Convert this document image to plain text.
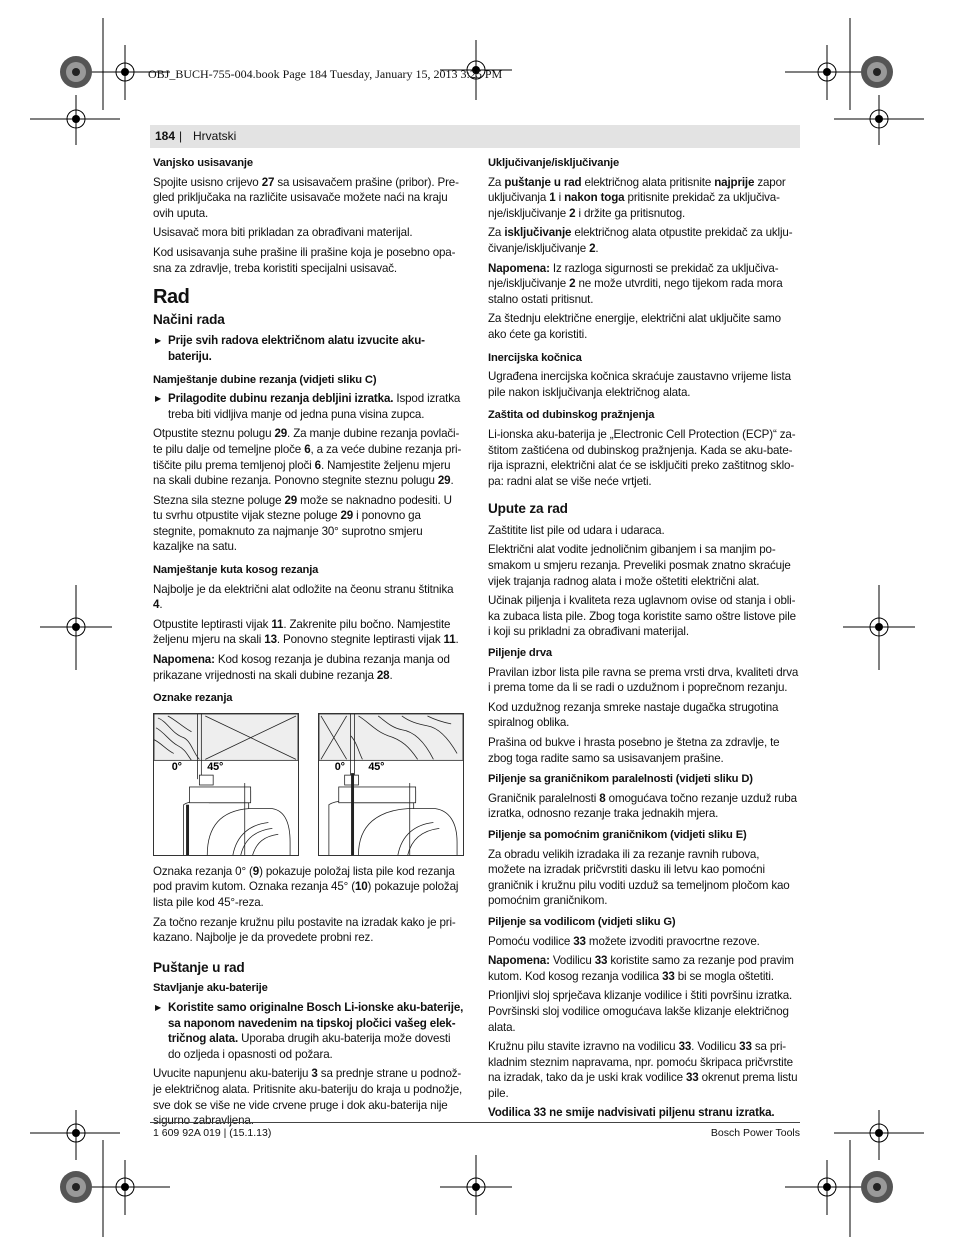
OBJ_BUCH-755-004.book Page 184 Tuesday, January 15, 2013 3:25 PM
184 | Hrvatski

Vanjsko usisavanje

Spojite usisno crijevo 27 sa usisavačem prašine (pribor). Pregled priključaka na različite usisavače možete naći na kraju ovih uputa.

Usisavač mora biti prikladan za obrađivani materijal.

Kod usisavanja suhe prašine ili prašine koja je posebno opasna za zdravlje, treba koristiti specijalni usisavač.

Rad

Načini rada

▶ Prije svih radova električnom alatu izvucite aku-bateriju.

Namještanje dubine rezanja (vidjeti sliku C)

▶ Prilagodite dubinu rezanja debljini izratka. Ispod izratka treba biti vidljiva manje od jedna puna visina zupca.

Otpustite steznu polugu 29. Za manje dubine rezanja povlačite pilu dalje od temeljne ploče 6, a za veće dubine rezanja pritiščite pilu prema temljenoj ploči 6. Namjestite željenu mjeru na skali dubine rezanja. Ponovno stegnite steznu polugu 29.

Stezna sila stezne poluge 29 može se naknadno podesiti. U tu svrhu otpustite vijak stezne poluge 29 i ponovno ga stegnite, pomaknuto za najmanje 30° suprotno smjeru kazaljke na satu.

Namještanje kuta kosog rezanja

Najbolje je da električni alat odložite na čeonu stranu štitnika 4.

Otpustite leptirasti vijak 11. Zakrenite pilu bočno. Namjestite željenu mjeru na skali 13. Ponovno stegnite leptirasti vijak 11.

Napomena: Kod kosog rezanja je dubina rezanja manja od prikazane vrijednosti na skali dubine rezanja 28.

Oznake rezanja

0° 45°	0° 45°

Oznaka rezanja 0° (9) pokazuje položaj lista pile kod rezanja pod pravim kutom. Oznaka rezanja 45° (10) pokazuje položaj lista pile kod 45°-reza.

Za točno rezanje kružnu pilu postavite na izradak kako je prikazano. Najbolje je da provedete probni rez.

Puštanje u rad

Stavljanje aku-baterije

▶ Koristite samo originalne Bosch Li-ionske aku-baterije, sa naponom navedenim na tipskoj pločici vašeg električnog alata. Uporaba drugih aku-baterija može dovesti do ozljeda i opasnosti od požara.

Uvucite napunjenu aku-bateriju 3 sa prednje strane u podnožje električnog alata. Pritisnite aku-bateriju do kraja u podnožje, sve dok se više ne vide crvene pruge i dok aku-baterija nije sigurno zabravljena.

Uključivanje/isključivanje

Za puštanje u rad električnog alata pritisnite najprije zapor uključivanja 1 i nakon toga pritisnite prekidač za uključivanje/isključivanje 2 i držite ga pritisnutog.

Za isključivanje električnog alata otpustite prekidač za uključivanje/isključivanje 2.

Napomena: Iz razloga sigurnosti se prekidač za uključivanje/isključivanje 2 ne može utvrditi, nego tijekom rada mora stalno ostati pritisnut.

Za štednju električne energije, električni alat uključite samo ako ćete ga koristiti.

Inercijska kočnica

Ugrađena inercijska kočnica skraćuje zaustavno vrijeme lista pile nakon isključivanja električnog alata.

Zaštita od dubinskog pražnjenja

Li-ionska aku-baterija je „Electronic Cell Protection (ECP)“ zaštitom zaštićena od dubinskog pražnjenja. Kada se aku-baterija isprazni, električni alat će se isključiti preko zaštitnog sklopa: radni alat se više neće vrtjeti.

Upute za rad

Zaštitite list pile od udara i udaraca.

Električni alat vodite jednoličnim gibanjem i sa manjim posmakom u smjeru rezanja. Preveliki posmak znatno skraćuje vijek trajanja radnog alata i može oštetiti električni alat.

Učinak piljenja i kvaliteta reza uglavnom ovise od stanja i oblika zubaca lista pile. Zbog toga koristite samo oštre listove pile i koji su prikladni za obrađivani materijal.

Piljenje drva

Pravilan izbor lista pile ravna se prema vrsti drva, kvaliteti drva i prema tome da li se radi o uzdužnom i poprečnom rezanju.

Kod uzdužnog rezanja smreke nastaje dugačka strugotina spiralnog oblika.

Prašina od bukve i hrasta posebno je štetna za zdravlje, te zbog toga radite samo sa usisavanjem prašine.

Piljenje sa graničnikom paralelnosti (vidjeti sliku D)

Graničnik paralelnosti 8 omogućava točno rezanje uzduž ruba izratka, odnosno rezanje traka jednakih mjera.

Piljenje sa pomoćnim graničnikom (vidjeti sliku E)

Za obradu velikih izradaka ili za rezanje ravnih rubova, možete na izradak pričvrstiti dasku ili letvu kao pomoćni graničnik i kružnu pilu voditi uzduž sa temeljnom pločom kao pomoćnim graničnikom.

Piljenje sa vodilicom (vidjeti sliku G)

Pomoću vodilice 33 možete izvoditi pravocrtne rezove.

Napomena: Vodilicu 33 koristite samo za rezanje pod pravim kutom. Kod kosog rezanja vodilica 33 bi se mogla oštetiti.

Prionljivi sloj sprječava klizanje vodilice i štiti površinu izratka. Površinski sloj vodilice omogućava lakše klizanje električnog alata.

Kružnu pilu stavite izravno na vodilicu 33. Vodilicu 33 sa prikladnim steznim napravama, npr. pomoću škripaca pričvrstite na izradak, tako da je uski krak vodilice 33 okrenut prema listu pile.

Vodilica 33 ne smije nadvisivati piljenu stranu izratka.

1 609 92A 019 | (15.1.13)	Bosch Power Tools
